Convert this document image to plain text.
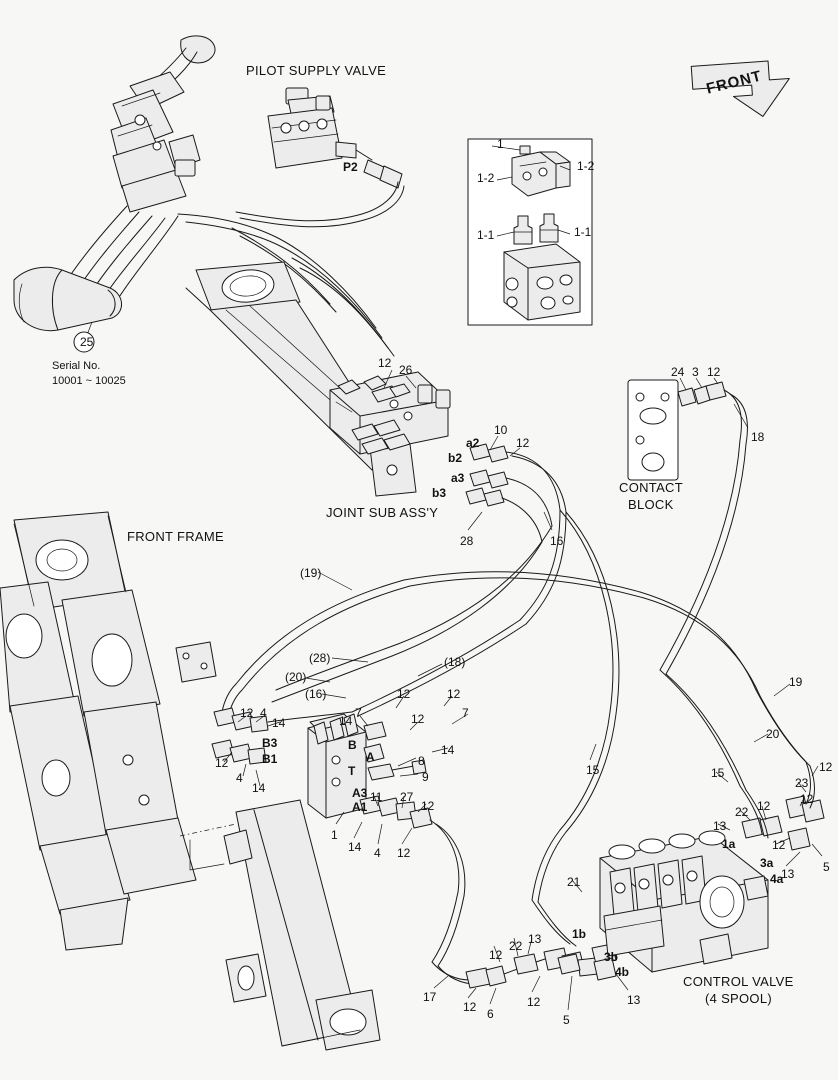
PILOT SUPPLY VALVE
JOINT SUB ASS'Y
FRONT FRAME
CONTACT
BLOCK
CONTROL VALVE
(4 SPOOL)
FRONT
25
Serial No.
10001 ~ 10025
P2
1
1-2
1-2
1-1	1-1
a2
b2
a3
b3
B3
B1
B
A
T
A3
A1
1a
3a
4a
1b
3b
4b
12 26	24 3 12
18
10
12
28	16
(19)
(28)	(18)
(20)
(16)	12	12
12 4
14	14
7	7
12
14
12
4
14
8
9
11 27
12
1
14 4 12
15
19
20
15	12
23
22 12 12
13
12
13 5
21
12
22 13
17
12 6
12
5
13
